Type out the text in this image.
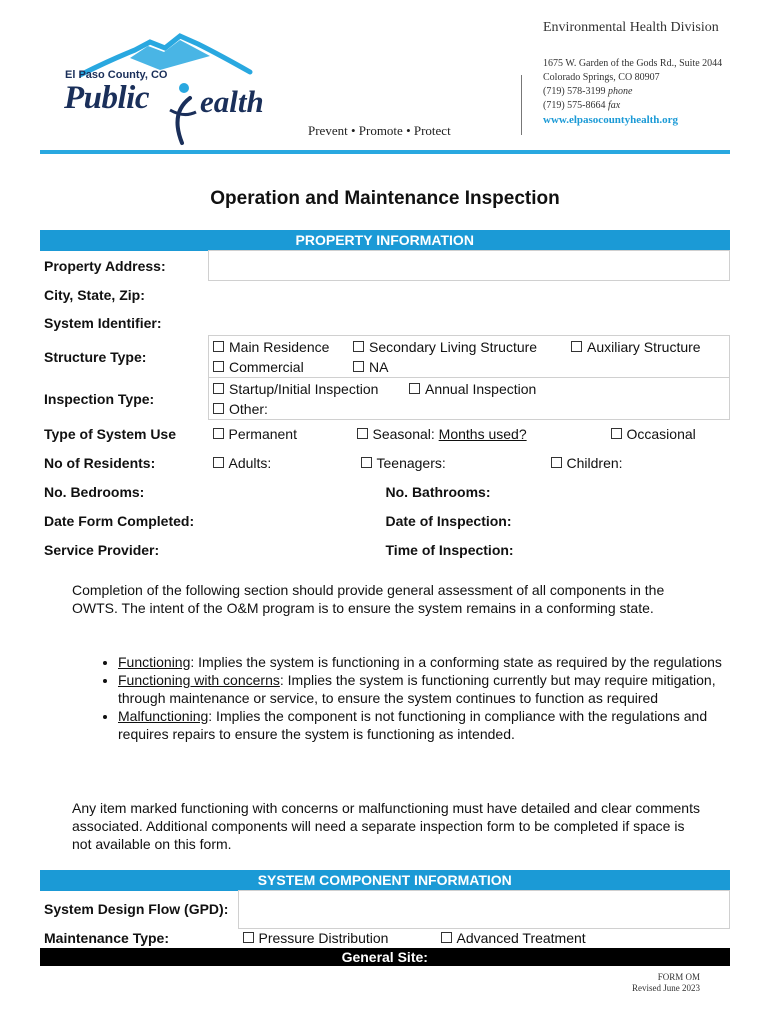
El Paso County, CO
Public ealth
Prevent • Promote • Protect
Environmental Health Division
1675 W. Garden of the Gods Rd., Suite 2044
Colorado Springs, CO 80907
(719) 578-3199 phone
(719) 575-8664 fax
www.elpasocountyhealth.org
Operation and Maintenance Inspection
PROPERTY INFORMATION		
Property Address:		
City, State, Zip:		
System Identifier:		
Structure Type:	Main Residence Secondary Living Structure Auxiliary Structure
Commercial NA	

Inspection Type:	Startup/Initial Inspection Annual Inspection
Other:	

Type of System Use	Permanent Seasonal: Months used? Occasional	
No of Residents:	Adults: Teenagers: Children:	
No. Bedrooms:		No. Bathrooms:
Date Form Completed:		Date of Inspection:
Service Provider:		Time of Inspection:
Completion of the following section should provide general assessment of all components in the OWTS. The intent of the O&M program is to ensure the system remains in a conforming state.
• Functioning: Implies the system is functioning in a conforming state as required by the regulations
• Functioning with concerns: Implies the system is functioning currently but may require mitigation, through maintenance or service, to ensure the system continues to function as required
• Malfunctioning: Implies the component is not functioning in compliance with the regulations and requires repairs to ensure the system is functioning as intended.
Any item marked functioning with concerns or malfunctioning must have detailed and clear comments associated. Additional components will need a separate inspection form to be completed if space is not available on this form.
SYSTEM COMPONENT INFORMATION	
System Design Flow (GPD):	
Maintenance Type:	Pressure Distribution Advanced Treatment
General Site:	
FORM OM
Revised June 2023
